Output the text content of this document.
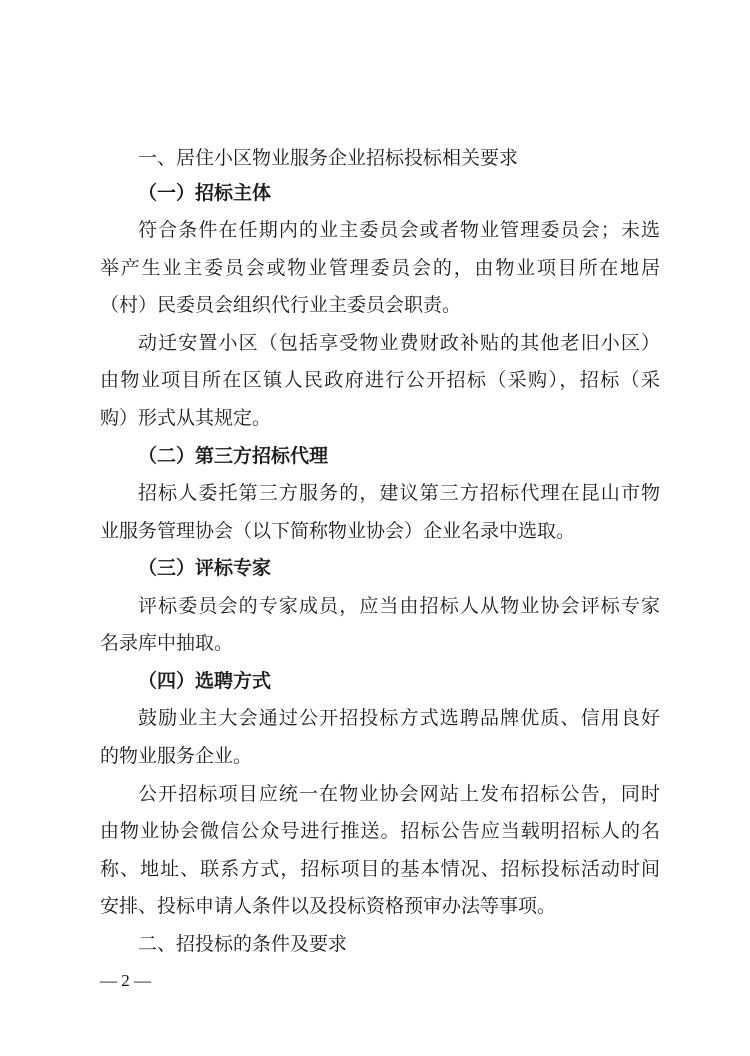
一、居住小区物业服务企业招标投标相关要求
（一）招标主体
符合条件在任期内的业主委员会或者物业管理委员会；未选
举产生业主委员会或物业管理委员会的，由物业项目所在地居
（村）民委员会组织代行业主委员会职责。
动迁安置小区（包括享受物业费财政补贴的其他老旧小区）
由物业项目所在区镇人民政府进行公开招标（采购），招标（采
购）形式从其规定。
（二）第三方招标代理
招标人委托第三方服务的，建议第三方招标代理在昆山市物
业服务管理协会（以下简称物业协会）企业名录中选取。
（三）评标专家
评标委员会的专家成员，应当由招标人从物业协会评标专家
名录库中抽取。
（四）选聘方式
鼓励业主大会通过公开招投标方式选聘品牌优质、信用良好
的物业服务企业。
公开招标项目应统一在物业协会网站上发布招标公告，同时
由物业协会微信公众号进行推送。招标公告应当载明招标人的名
称、地址、联系方式，招标项目的基本情况、招标投标活动时间
安排、投标申请人条件以及投标资格预审办法等事项。
二、招投标的条件及要求
— 2 —
